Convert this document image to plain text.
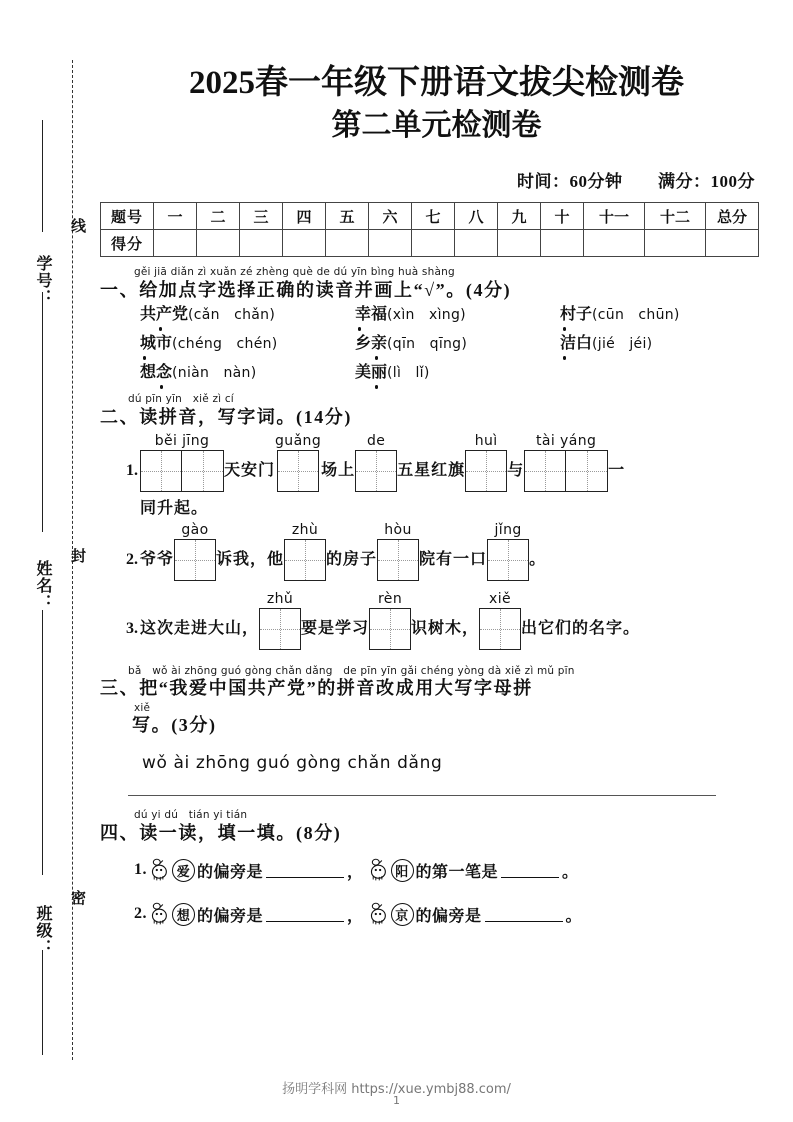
线
封
密
学号：
姓名：
班级：
2025春一年级下册语文拔尖检测卷
第二单元检测卷
时间：60分钟 满分：100分
题号	一	二	三	四	五	六	七	八	九	十	十一	十二	总分
得分													
gěi jiā diǎn zì xuǎn zé zhèng què de dú yīn bìng huà shàng
一、给加点字选择正确的读音并画上“√”。(4分)
共产党(cǎn　chǎn)	幸福(xìn　xìng)	村子(cūn　chūn)
城市(chéng　chén)	乡亲(qīn　qīng)	洁白(jié　jéi)
想念(niàn　nàn)	美丽(lì　lǐ)
dú pīn yīn　xiě zì cí
二、读拼音，写字词。(14分)
1.
běi jīng
天安门
guǎng
场上
de
五星红旗
huì
与
tài yáng
一
同升起。
2. 爷爷
gào
诉我，他
zhù
的房子
hòu
院有一口
jǐng
。
3. 这次走进大山，
zhǔ
要是学习
rèn
识树木，
xiě
出它们的名字。
bǎ　wǒ ài zhōng guó gòng chǎn dǎng　de pīn yīn gǎi chéng yòng dà xiě zì mǔ pīn
三、把“我爱中国共产党”的拼音改成用大写字母拼
xiě
写。(3分)
wǒ ài zhōng guó gòng chǎn dǎng
dú yi dú　tián yi tián
四、读一读，填一填。(8分)
1.	爱 的偏旁是	，	阳 的第一笔是	。
2.	想 的偏旁是	，	京 的偏旁是	。
扬明学科网 https://xue.ymbj88.com/
1
